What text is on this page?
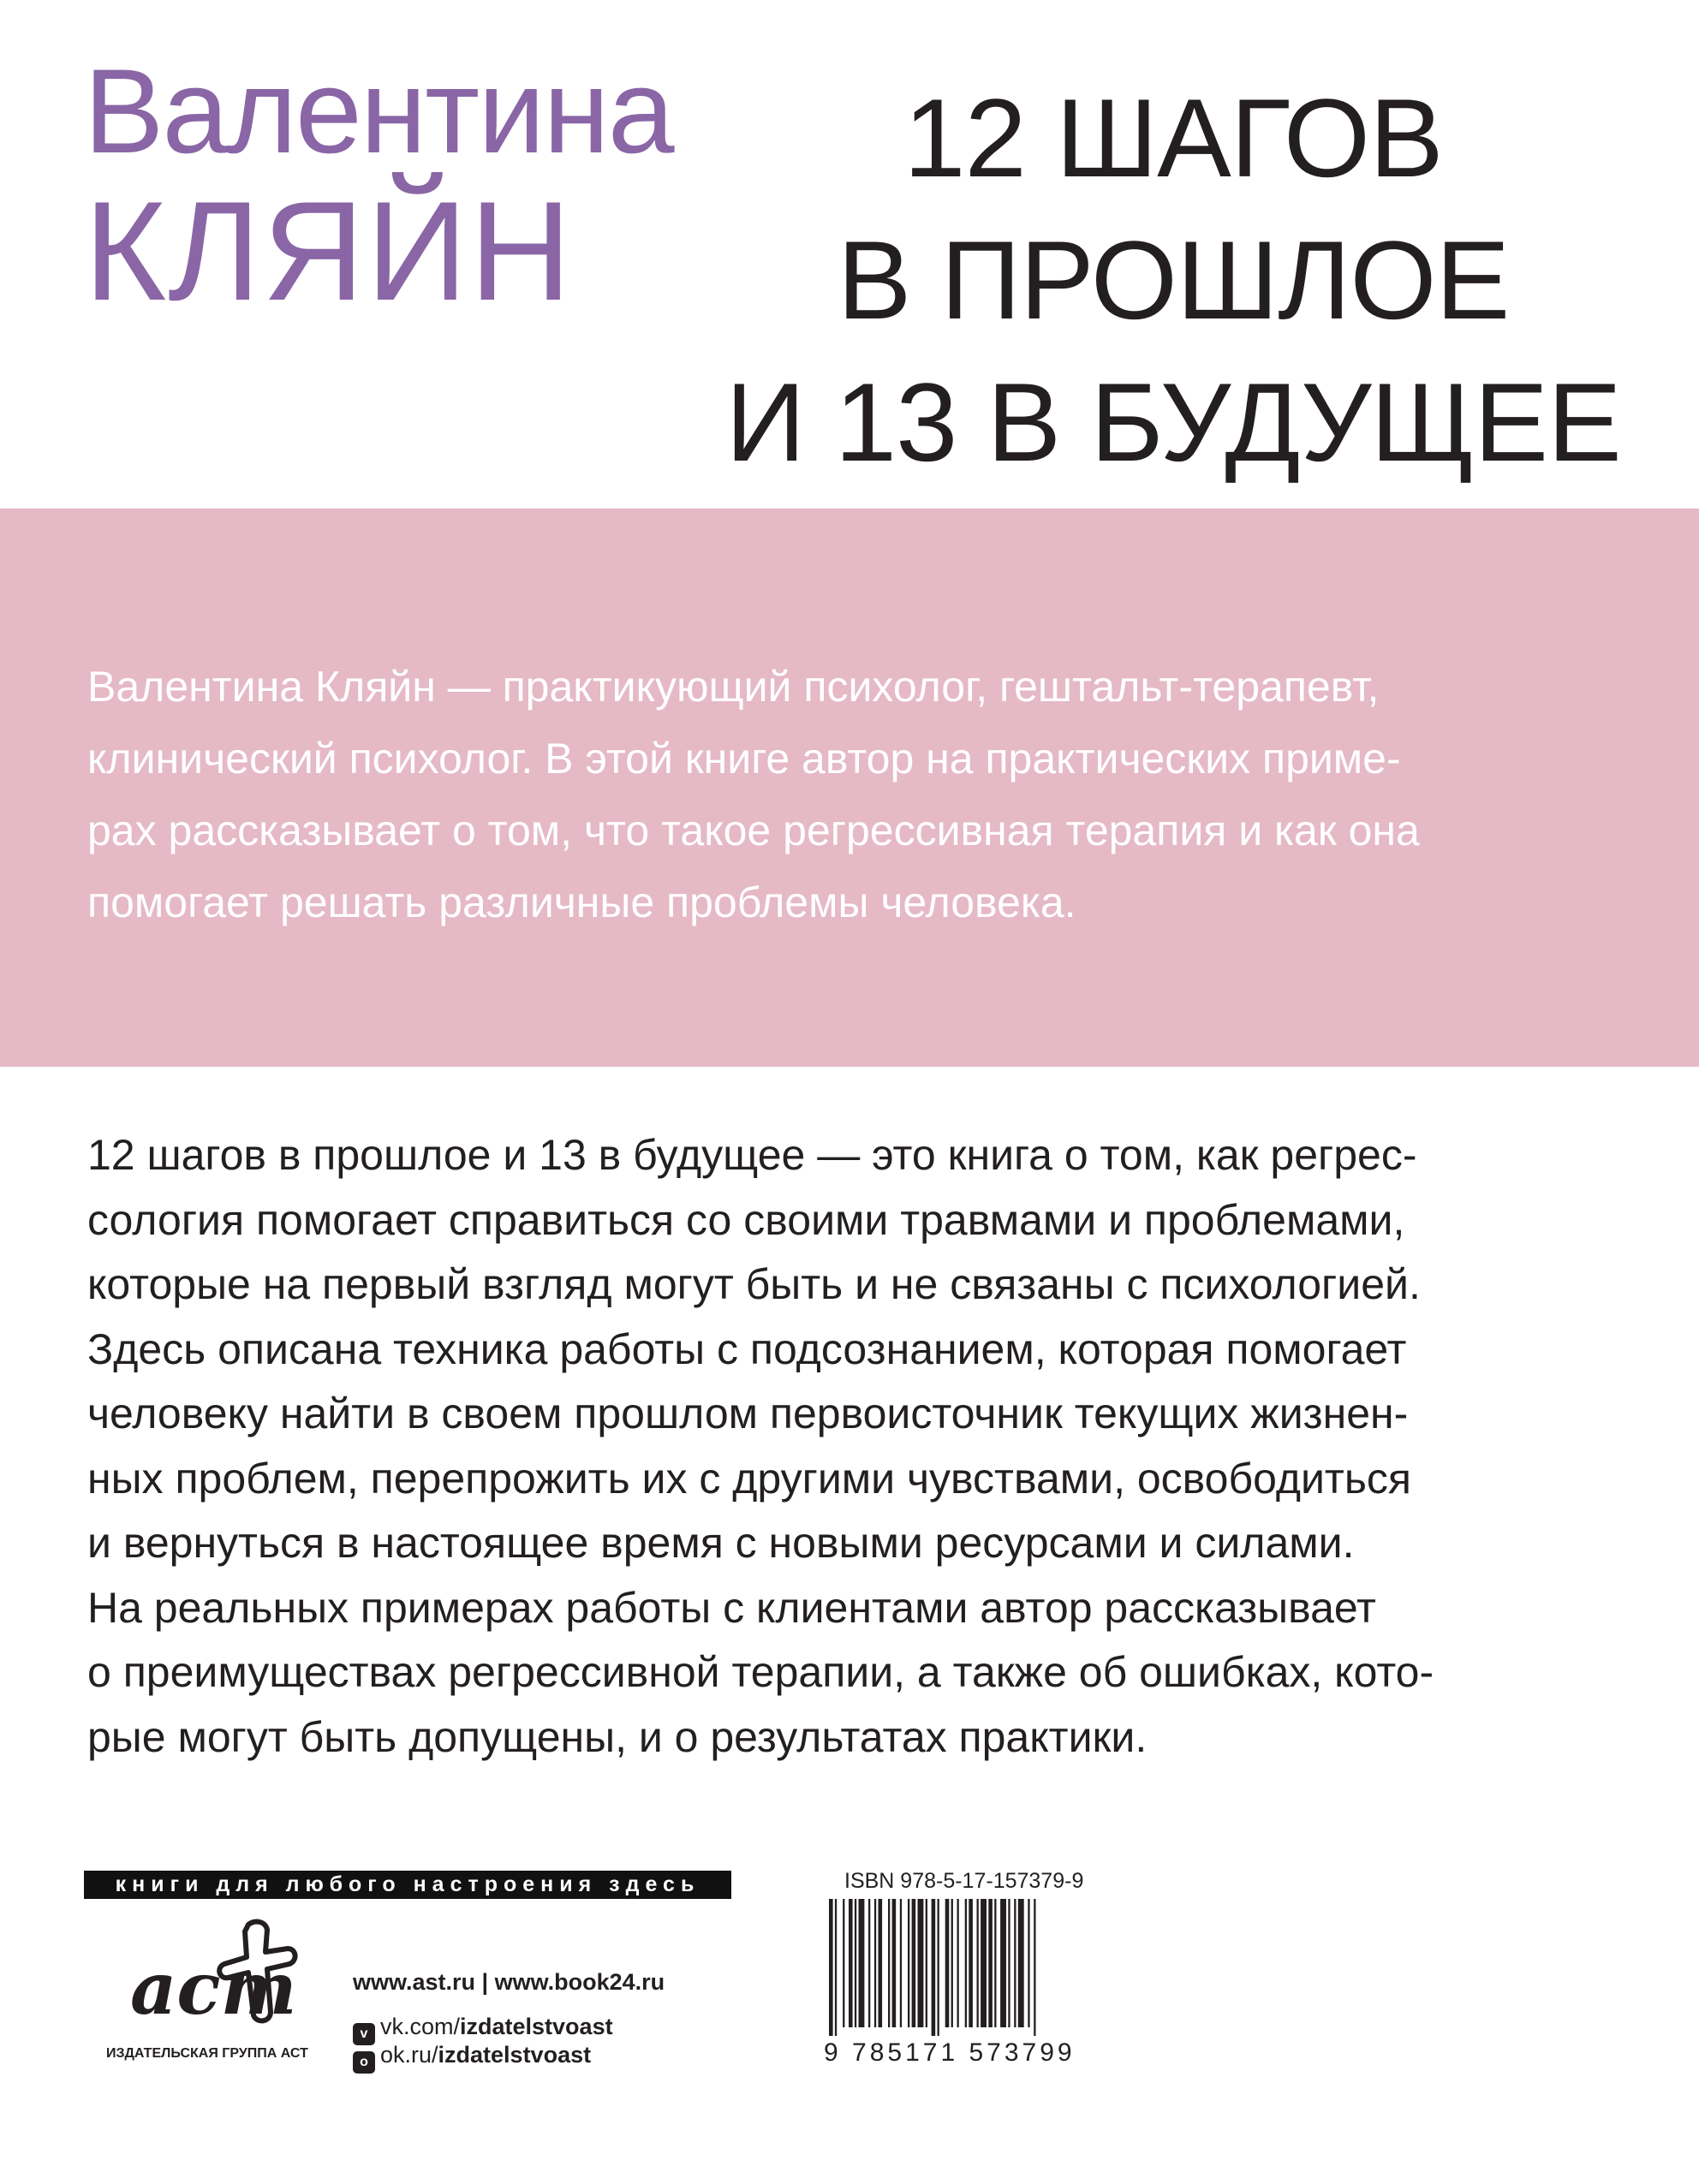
Валентина
КЛЯЙН
12 ШАГОВ
В ПРОШЛОЕ
И 13 В БУДУЩЕЕ
Валентина Кляйн — практикующий психолог, гештальт-терапевт,
клинический психолог. В этой книге автор на практических приме-
рах рассказывает о том, что такое регрессивная терапия и как она
помогает решать различные проблемы человека.
12 шагов в прошлое и 13 в будущее — это книга о том, как регрес-
сология помогает справиться со своими травмами и проблемами,
которые на первый взгляд могут быть и не связаны с психологией.
Здесь описана техника работы с подсознанием, которая помогает
человеку найти в своем прошлом первоисточник текущих жизнен-
ных проблем, перепрожить их с другими чувствами, освободиться
и вернуться в настоящее время с новыми ресурсами и силами.
На реальных примерах работы с клиентами автор рассказывает
о преимуществах регрессивной терапии, а также об ошибках, кото-
рые могут быть допущены, и о результатах практики.
книги для любого настроения здесь
аст
ИЗДАТЕЛЬСКАЯ ГРУППА АСТ
www.ast.ru | www.book24.ru
v vk.com/izdatelstvoast
o ok.ru/izdatelstvoast
ISBN 978-5-17-157379-9
9 785171 573799
